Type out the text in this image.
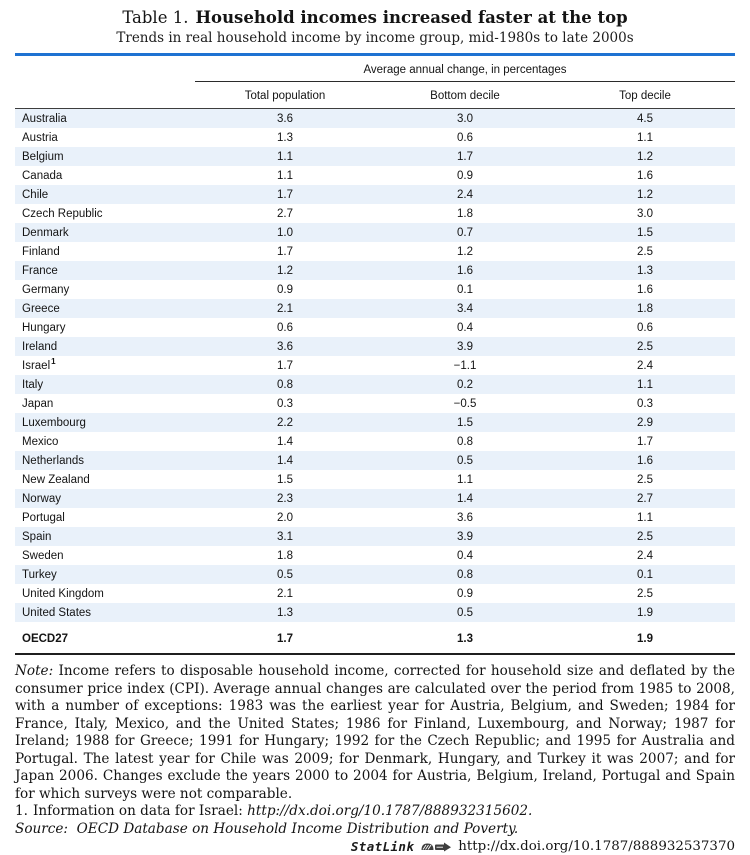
Table 1. Household incomes increased faster at the top
Trends in real household income by income group, mid-1980s to late 2000s
Average annual change, in percentages
Total population	Bottom decile	Top decile
Australia	3.6	3.0	4.5
Austria	1.3	0.6	1.1
Belgium	1.1	1.7	1.2
Canada	1.1	0.9	1.6
Chile	1.7	2.4	1.2
Czech Republic	2.7	1.8	3.0
Denmark	1.0	0.7	1.5
Finland	1.7	1.2	2.5
France	1.2	1.6	1.3
Germany	0.9	0.1	1.6
Greece	2.1	3.4	1.8
Hungary	0.6	0.4	0.6
Ireland	3.6	3.9	2.5
Israel$^1$	1.7	−1.1	2.4
Italy	0.8	0.2	1.1
Japan	0.3	−0.5	0.3
Luxembourg	2.2	1.5	2.9
Mexico	1.4	0.8	1.7
Netherlands	1.4	0.5	1.6
New Zealand	1.5	1.1	2.5
Norway	2.3	1.4	2.7
Portugal	2.0	3.6	1.1
Spain	3.1	3.9	2.5
Sweden	1.8	0.4	2.4
Turkey	0.5	0.8	0.1
United Kingdom	2.1	0.9	2.5
United States	1.3	0.5	1.9
OECD27	1.7	1.3	1.9

Note: Income refers to disposable household income, corrected for household size and deflated by the consumer price index (CPI). Average annual changes are calculated over the period from 1985 to 2008, with a number of exceptions: 1983 was the earliest year for Austria, Belgium, and Sweden; 1984 for France, Italy, Mexico, and the United States; 1986 for Finland, Luxembourg, and Norway; 1987 for Ireland; 1988 for Greece; 1991 for Hungary; 1992 for the Czech Republic; and 1995 for Australia and Portugal. The latest year for Chile was 2009; for Denmark, Hungary, and Turkey it was 2007; and for Japan 2006. Changes exclude the years 2000 to 2004 for Austria, Belgium, Ireland, Portugal and Spain for which surveys were not comparable.

1. Information on data for Israel: http://dx.doi.org/10.1787/888932315602.

Source: OECD Database on Household Income Distribution and Poverty.

StatLink	http://dx.doi.org/10.1787/888932537370
